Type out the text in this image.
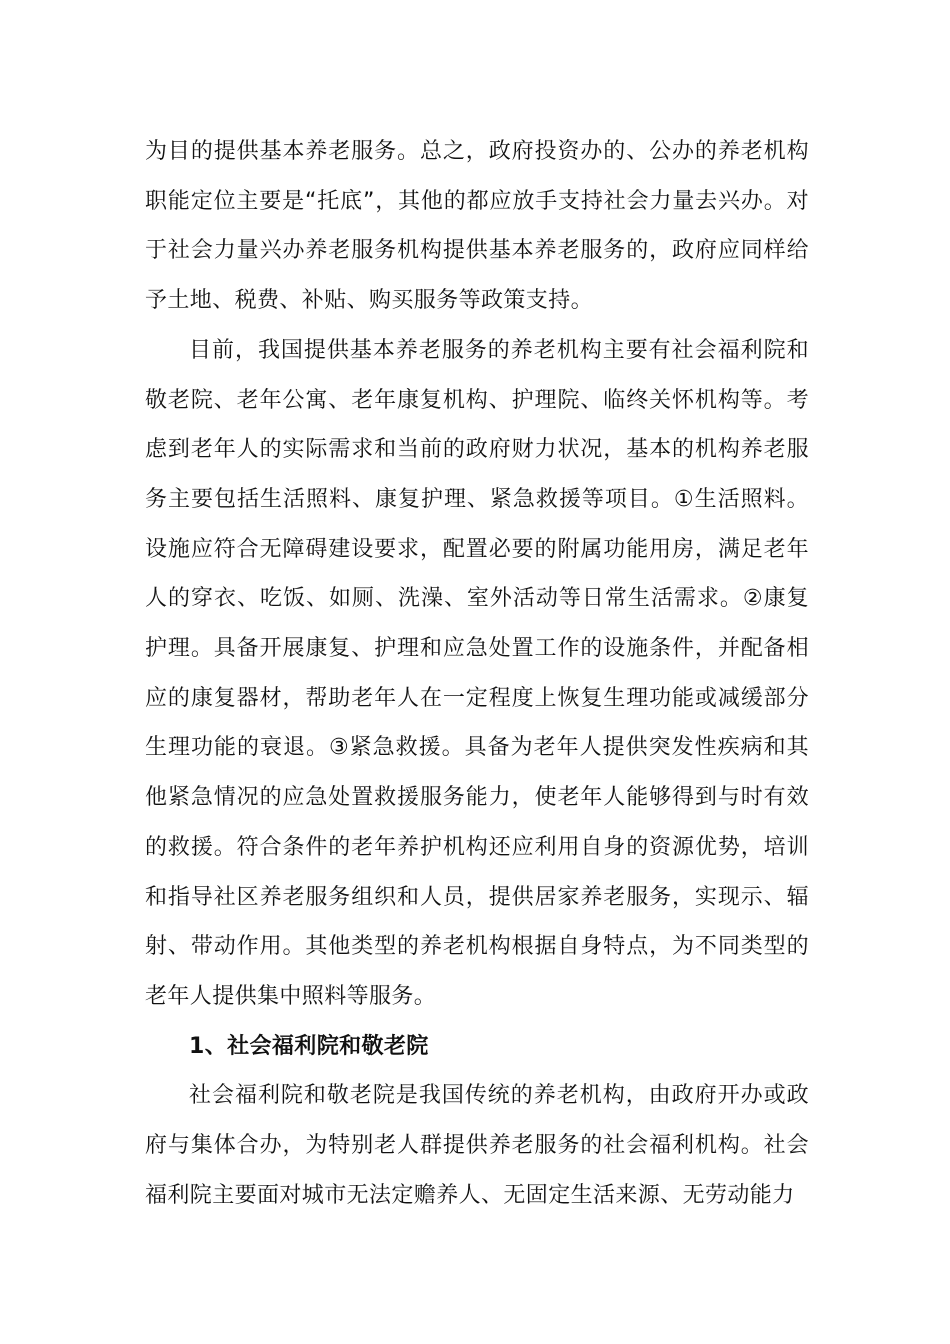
为目的提供基本养老服务。总之，政府投资办的、公办的养老机构职能定位主要是“托底”，其他的都应放手支持社会力量去兴办。对于社会力量兴办养老服务机构提供基本养老服务的，政府应同样给予土地、税费、补贴、购买服务等政策支持。

目前，我国提供基本养老服务的养老机构主要有社会福利院和敬老院、老年公寓、老年康复机构、护理院、临终关怀机构等。考虑到老年人的实际需求和当前的政府财力状况，基本的机构养老服务主要包括生活照料、康复护理、紧急救援等项目。①生活照料。设施应符合无障碍建设要求，配置必要的附属功能用房，满足老年人的穿衣、吃饭、如厕、洗澡、室外活动等日常生活需求。②康复护理。具备开展康复、护理和应急处置工作的设施条件，并配备相应的康复器材，帮助老年人在一定程度上恢复生理功能或减缓部分生理功能的衰退。③紧急救援。具备为老年人提供突发性疾病和其他紧急情况的应急处置救援服务能力，使老年人能够得到与时有效的救援。符合条件的老年养护机构还应利用自身的资源优势，培训和指导社区养老服务组织和人员，提供居家养老服务，实现示、辐射、带动作用。其他类型的养老机构根据自身特点，为不同类型的老年人提供集中照料等服务。

1、社会福利院和敬老院

社会福利院和敬老院是我国传统的养老机构，由政府开办或政府与集体合办，为特别老人群提供养老服务的社会福利机构。社会福利院主要面对城市无法定赡养人、无固定生活来源、无劳动能力
